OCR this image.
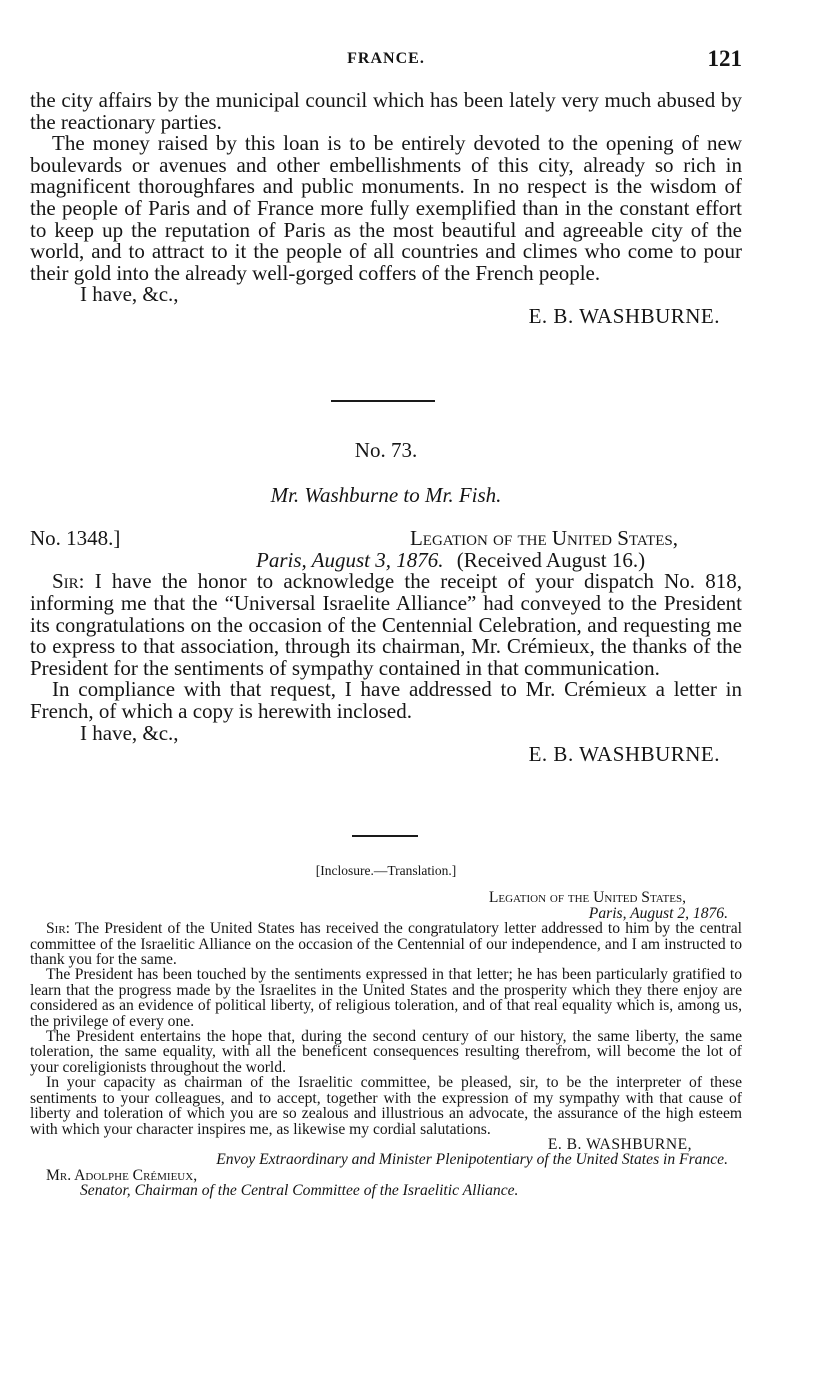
FRANCE.	121

the city affairs by the municipal council which has been lately very much abused by the reactionary parties.

The money raised by this loan is to be entirely devoted to the opening of new boulevards or avenues and other embellishments of this city, already so rich in magnificent thoroughfares and public monuments. In no respect is the wisdom of the people of Paris and of France more fully exemplified than in the constant effort to keep up the reputation of Paris as the most beautiful and agreeable city of the world, and to attract to it the people of all countries and climes who come to pour their gold into the already well-gorged coffers of the French people.

I have, &c.,

E. B. WASHBURNE.

No. 73.

Mr. Washburne to Mr. Fish.

No. 1348.]	Legation of the United States,
Paris, August 3, 1876. (Received August 16.)

Sir: I have the honor to acknowledge the receipt of your dispatch No. 818, informing me that the “Universal Israelite Alliance” had conveyed to the President its congratulations on the occasion of the Centennial Celebration, and requesting me to express to that association, through its chairman, Mr. Crémieux, the thanks of the President for the sentiments of sympathy contained in that communication.

In compliance with that request, I have addressed to Mr. Crémieux a letter in French, of which a copy is herewith inclosed.

I have, &c.,

E. B. WASHBURNE.

[Inclosure.—Translation.]

Legation of the United States,
Paris, August 2, 1876.

Sir: The President of the United States has received the congratulatory letter addressed to him by the central committee of the Israelitic Alliance on the occasion of the Centennial of our independence, and I am instructed to thank you for the same.

The President has been touched by the sentiments expressed in that letter; he has been particularly gratified to learn that the progress made by the Israelites in the United States and the prosperity which they there enjoy are considered as an evidence of political liberty, of religious toleration, and of that real equality which is, among us, the privilege of every one.

The President entertains the hope that, during the second century of our history, the same liberty, the same toleration, the same equality, with all the beneficent consequences resulting therefrom, will become the lot of your coreligionists throughout the world.

In your capacity as chairman of the Israelitic committee, be pleased, sir, to be the interpreter of these sentiments to your colleagues, and to accept, together with the expression of my sympathy with that cause of liberty and toleration of which you are so zealous and illustrious an advocate, the assurance of the high esteem with which your character inspires me, as likewise my cordial salutations.

E. B. WASHBURNE,

Envoy Extraordinary and Minister Plenipotentiary of the United States in France.

Mr. Adolphe Crémieux,

Senator, Chairman of the Central Committee of the Israelitic Alliance.
